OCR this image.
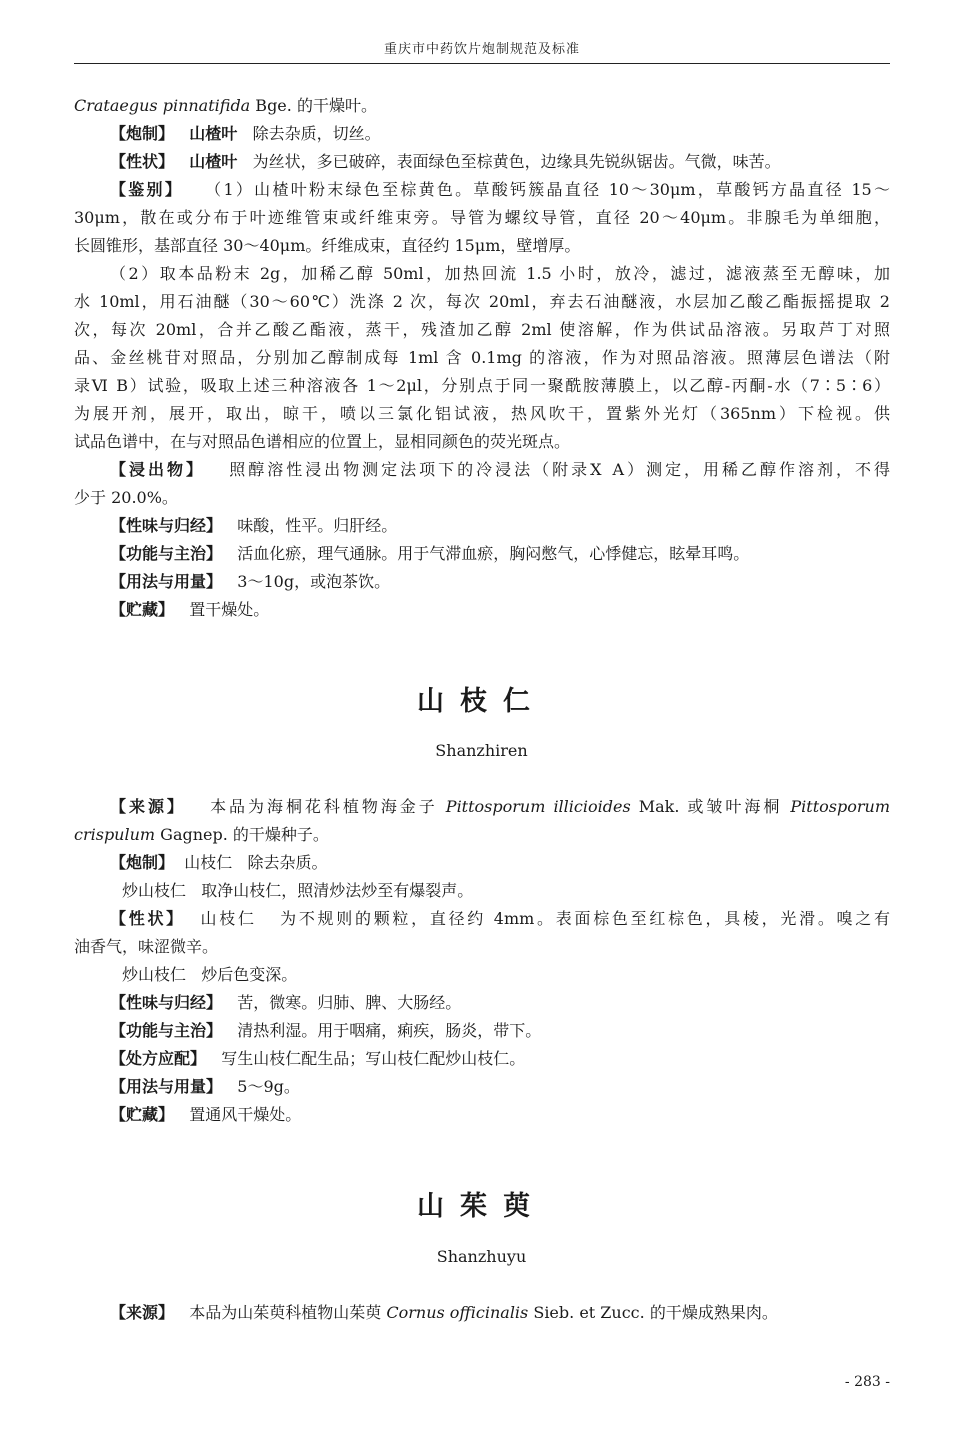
重庆市中药饮片炮制规范及标准
Crataegus pinnatifida Bge. 的干燥叶。
【炮制】 山楂叶 除去杂质，切丝。
【性状】 山楂叶 为丝状，多已破碎，表面绿色至棕黄色，边缘具先锐纵锯齿。气微，味苦。
【鉴别】 （1）山楂叶粉末绿色至棕黄色。草酸钙簇晶直径 10～30μm，草酸钙方晶直径 15～
30μm，散在或分布于叶迹维管束或纤维束旁。导管为螺纹导管，直径 20～40μm。非腺毛为单细胞，
长圆锥形，基部直径 30～40μm。纤维成束，直径约 15μm，壁增厚。
（2）取本品粉末 2g，加稀乙醇 50ml，加热回流 1.5 小时，放冷，滤过，滤液蒸至无醇味，加
水 10ml，用石油醚（30～60℃）洗涤 2 次，每次 20ml，弃去石油醚液，水层加乙酸乙酯振摇提取 2
次，每次 20ml，合并乙酸乙酯液，蒸干，残渣加乙醇 2ml 使溶解，作为供试品溶液。另取芦丁对照
品、金丝桃苷对照品，分别加乙醇制成每 1ml 含 0.1mg 的溶液，作为对照品溶液。照薄层色谱法（附
录Ⅵ B）试验，吸取上述三种溶液各 1～2μl，分别点于同一聚酰胺薄膜上，以乙醇-丙酮-水（7∶5∶6）
为展开剂，展开，取出，晾干，喷以三氯化铝试液，热风吹干，置紫外光灯（365nm）下检视。供
试品色谱中，在与对照品色谱相应的位置上，显相同颜色的荧光斑点。
【浸出物】 照醇溶性浸出物测定法项下的冷浸法（附录Ⅹ A）测定，用稀乙醇作溶剂，不得
少于 20.0%。
【性味与归经】 味酸，性平。归肝经。
【功能与主治】 活血化瘀，理气通脉。用于气滞血瘀，胸闷憋气，心悸健忘，眩晕耳鸣。
【用法与用量】 3～10g，或泡茶饮。
【贮藏】 置干燥处。
山枝仁
Shanzhiren
【来源】 本品为海桐花科植物海金子 Pittosporum illicioides Mak. 或皱叶海桐 Pittosporum
crispulum Gagnep. 的干燥种子。
【炮制】 山枝仁 除去杂质。
炒山枝仁 取净山枝仁，照清炒法炒至有爆裂声。
【性状】 山枝仁 为不规则的颗粒，直径约 4mm。表面棕色至红棕色，具棱，光滑。嗅之有
油香气，味涩微辛。
炒山枝仁 炒后色变深。
【性味与归经】 苦，微寒。归肺、脾、大肠经。
【功能与主治】 清热利湿。用于咽痛，痢疾，肠炎，带下。
【处方应配】 写生山枝仁配生品；写山枝仁配炒山枝仁。
【用法与用量】 5～9g。
【贮藏】 置通风干燥处。
山茱萸
Shanzhuyu
【来源】 本品为山茱萸科植物山茱萸 Cornus officinalis Sieb. et Zucc. 的干燥成熟果肉。
- 283 -
